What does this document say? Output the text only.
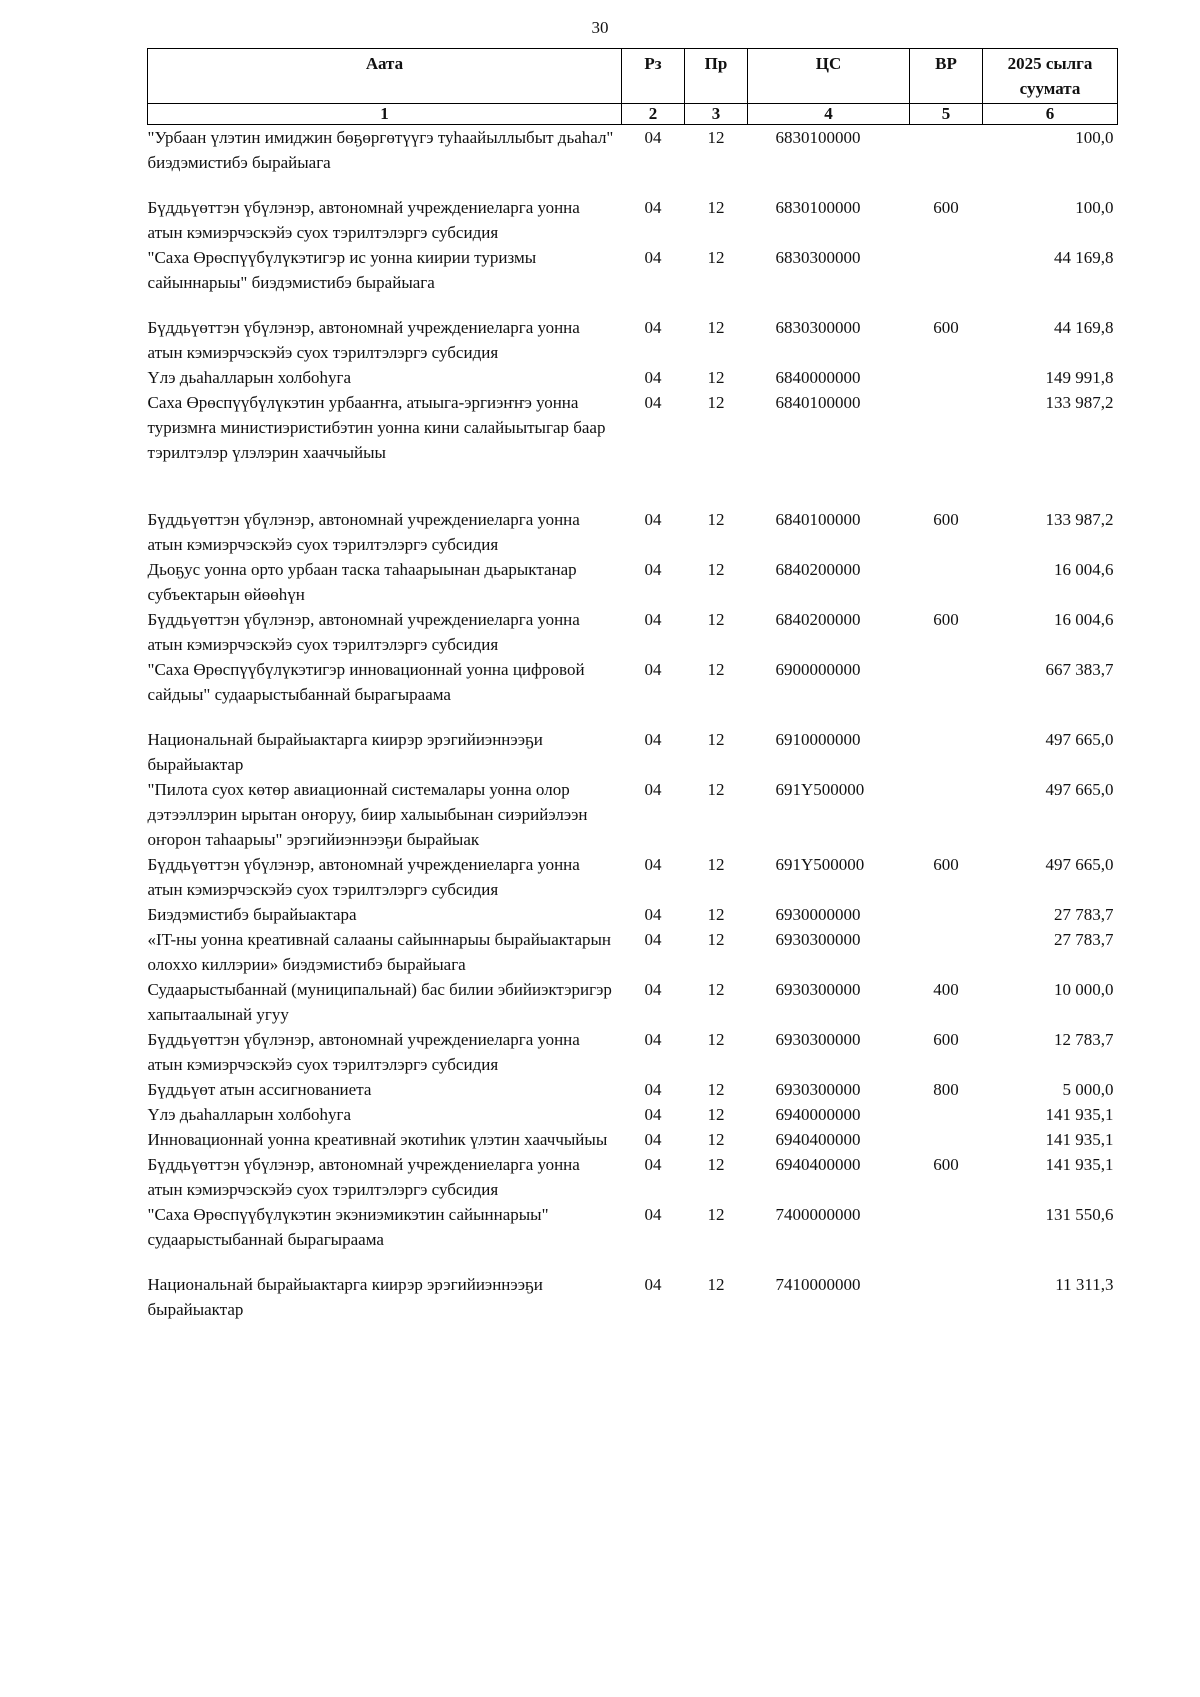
30
Аата	Рз	Пр	ЦС	ВР	2025 сылга суумата
1	2	3	4	5	6
"Урбаан үлэтин имиджин бөҕөргөтүүгэ туһаайыллыбыт дьаһал" биэдэмистибэ бырайыага	04	12	6830100000		100,0
Бүддьүөттэн үбүлэнэр, автономнай учреждениеларга уонна атын кэмиэрчэскэйэ суох тэрилтэлэргэ субсидия	04	12	6830100000	600	100,0
"Саха Өрөспүүбүлүкэтигэр ис уонна киирии туризмы сайыннарыы" биэдэмистибэ бырайыага	04	12	6830300000		44 169,8
Бүддьүөттэн үбүлэнэр, автономнай учреждениеларга уонна атын кэмиэрчэскэйэ суох тэрилтэлэргэ субсидия	04	12	6830300000	600	44 169,8
Үлэ дьаһалларын холбоһуга	04	12	6840000000		149 991,8
Саха Өрөспүүбүлүкэтин урбааҥҥа, атыыга-эргиэҥҥэ уонна туризмҥа министиэристибэтин уонна кини салайыытыгар баар тэрилтэлэр үлэлэрин хааччыйыы	04	12	6840100000		133 987,2
Бүддьүөттэн үбүлэнэр, автономнай учреждениеларга уонна атын кэмиэрчэскэйэ суох тэрилтэлэргэ субсидия	04	12	6840100000	600	133 987,2
Дьоҕус уонна орто урбаан таска таһаарыынан дьарыктанар субъектарын өйөөһүн	04	12	6840200000		16 004,6
Бүддьүөттэн үбүлэнэр, автономнай учреждениеларга уонна атын кэмиэрчэскэйэ суох тэрилтэлэргэ субсидия	04	12	6840200000	600	16 004,6
"Саха Өрөспүүбүлүкэтигэр инновационнай уонна цифровой сайдыы" судаарыстыбаннай бырагыраама	04	12	6900000000		667 383,7
Национальнай бырайыактарга киирэр эрэгийиэннээҕи бырайыактар	04	12	6910000000		497 665,0
"Пилота суох көтөр авиационнай системалары уонна олор дэтээллэрин ырытан оҥоруу, биир халыыбынан сиэрийэлээн оҥорон таһаарыы" эрэгийиэннээҕи бырайыак	04	12	691Y500000		497 665,0
Бүддьүөттэн үбүлэнэр, автономнай учреждениеларга уонна атын кэмиэрчэскэйэ суох тэрилтэлэргэ субсидия	04	12	691Y500000	600	497 665,0
Биэдэмистибэ бырайыактара	04	12	6930000000		27 783,7
«IT-ны уонна креативнай салааны сайыннарыы бырайыактарын олоххо киллэрии» биэдэмистибэ бырайыага	04	12	6930300000		27 783,7
Судаарыстыбаннай (муниципальнай) бас билии эбийиэктэригэр хапытаалынай угуу	04	12	6930300000	400	10 000,0
Бүддьүөттэн үбүлэнэр, автономнай учреждениеларга уонна атын кэмиэрчэскэйэ суох тэрилтэлэргэ субсидия	04	12	6930300000	600	12 783,7
Бүддьүөт атын ассигнованиета	04	12	6930300000	800	5 000,0
Үлэ дьаһалларын холбоһуга	04	12	6940000000		141 935,1
Инновационнай уонна креативнай экотиһик үлэтин хааччыйыы	04	12	6940400000		141 935,1
Бүддьүөттэн үбүлэнэр, автономнай учреждениеларга уонна атын кэмиэрчэскэйэ суох тэрилтэлэргэ субсидия	04	12	6940400000	600	141 935,1
"Саха Өрөспүүбүлүкэтин экэниэмикэтин сайыннарыы" судаарыстыбаннай бырагыраама	04	12	7400000000		131 550,6
Национальнай бырайыактарга киирэр эрэгийиэннээҕи бырайыактар	04	12	7410000000		11 311,3
